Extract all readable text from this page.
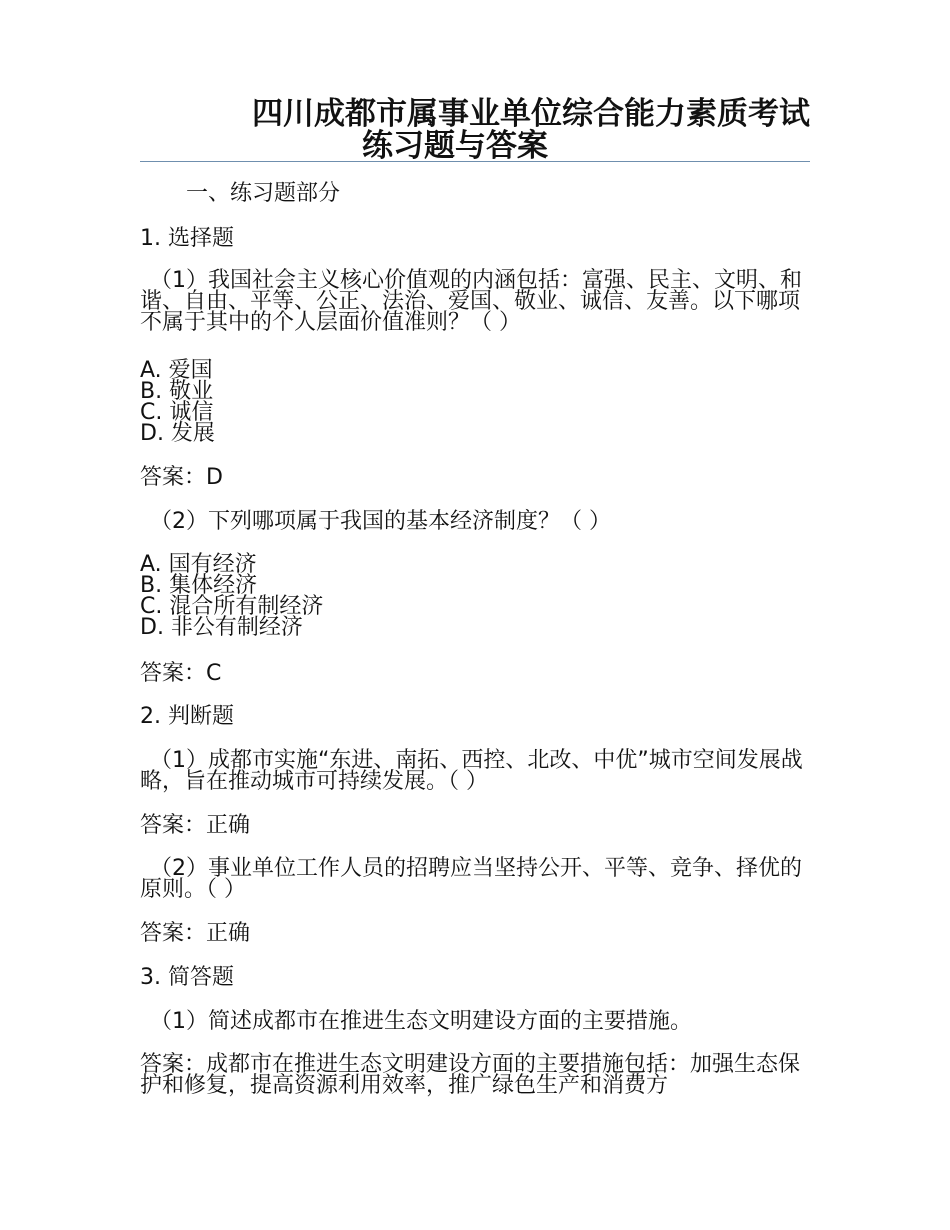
四川成都市属事业单位综合能力素质考试
练习题与答案
一、练习题部分
1. 选择题
（1）我国社会主义核心价值观的内涵包括：富强、民主、文明、和谐、自由、平等、公正、法治、爱国、敬业、诚信、友善。以下哪项不属于其中的个人层面价值准则？（ ）
A. 爱国
B. 敬业
C. 诚信
D. 发展
答案：D
（2）下列哪项属于我国的基本经济制度？（ ）
A. 国有经济
B. 集体经济
C. 混合所有制经济
D. 非公有制经济
答案：C
2. 判断题
（1）成都市实施“东进、南拓、西控、北改、中优”城市空间发展战略，旨在推动城市可持续发展。（ ）
答案：正确
（2）事业单位工作人员的招聘应当坚持公开、平等、竞争、择优的原则。（ ）
答案：正确
3. 简答题
（1）简述成都市在推进生态文明建设方面的主要措施。
答案：成都市在推进生态文明建设方面的主要措施包括：加强生态保护和修复，提高资源利用效率，推广绿色生产和消费方
